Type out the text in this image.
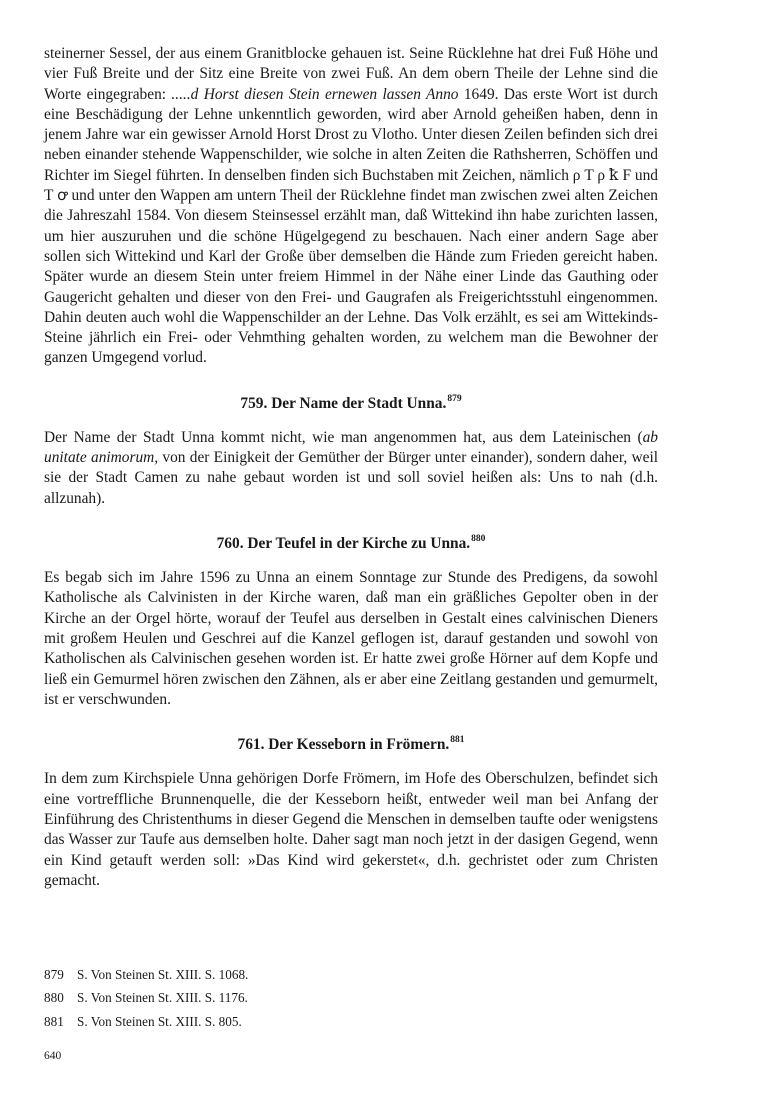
steinerner Sessel, der aus einem Granitblocke gehauen ist. Seine Rücklehne hat drei Fuß Höhe und vier Fuß Breite und der Sitz eine Breite von zwei Fuß. An dem obern Theile der Lehne sind die Worte eingegraben: .....d Horst diesen Stein ernewen lassen Anno 1649. Das erste Wort ist durch eine Beschädigung der Lehne unkenntlich geworden, wird aber Arnold geheißen haben, denn in jenem Jahre war ein gewisser Arnold Horst Drost zu Vlotho. Unter diesen Zeilen befinden sich drei neben einander stehende Wappenschilder, wie solche in alten Zeiten die Rathsherren, Schöffen und Richter im Siegel führten. In denselben finden sich Buchstaben mit Zeichen, nämlich ρ T ρ ꝁ F und T ꝍ und unter den Wappen am untern Theil der Rücklehne findet man zwischen zwei alten Zeichen die Jahreszahl 1584. Von diesem Steinsessel erzählt man, daß Wittekind ihn habe zurichten lassen, um hier auszuruhen und die schöne Hügelgegend zu beschauen. Nach einer andern Sage aber sollen sich Wittekind und Karl der Große über demselben die Hände zum Frieden gereicht haben. Später wurde an diesem Stein unter freiem Himmel in der Nähe einer Linde das Gauthing oder Gaugericht gehalten und dieser von den Frei- und Gaugrafen als Freigerichtsstuhl eingenommen. Dahin deuten auch wohl die Wappenschilder an der Lehne. Das Volk erzählt, es sei am Wittekinds-Steine jährlich ein Frei- oder Vehmthing gehalten worden, zu welchem man die Bewohner der ganzen Umgegend vorlud.

759. Der Name der Stadt Unna.$^{879}$

Der Name der Stadt Unna kommt nicht, wie man angenommen hat, aus dem Lateinischen (ab unitate animorum, von der Einigkeit der Gemüther der Bürger unter einander), sondern daher, weil sie der Stadt Camen zu nahe gebaut worden ist und soll soviel heißen als: Uns to nah (d.h. allzunah).

760. Der Teufel in der Kirche zu Unna.$^{880}$

Es begab sich im Jahre 1596 zu Unna an einem Sonntage zur Stunde des Predigens, da sowohl Katholische als Calvinisten in der Kirche waren, daß man ein gräßliches Gepolter oben in der Kirche an der Orgel hörte, worauf der Teufel aus derselben in Gestalt eines calvinischen Dieners mit großem Heulen und Geschrei auf die Kanzel geflogen ist, darauf gestanden und sowohl von Katholischen als Calvinischen gesehen worden ist. Er hatte zwei große Hörner auf dem Kopfe und ließ ein Gemurmel hören zwischen den Zähnen, als er aber eine Zeitlang gestanden und gemurmelt, ist er verschwunden.

761. Der Kesseborn in Frömern.$^{881}$

In dem zum Kirchspiele Unna gehörigen Dorfe Frömern, im Hofe des Oberschulzen, befindet sich eine vortreffliche Brunnenquelle, die der Kesseborn heißt, entweder weil man bei Anfang der Einführung des Christenthums in dieser Gegend die Menschen in demselben taufte oder wenigstens das Wasser zur Taufe aus demselben holte. Daher sagt man noch jetzt in der dasigen Gegend, wenn ein Kind getauft werden soll: »Das Kind wird gekerstet«, d.h. gechristet oder zum Christen gemacht.

879 S. Von Steinen St. XIII. S. 1068.

880 S. Von Steinen St. XIII. S. 1176.

881 S. Von Steinen St. XIII. S. 805.

640
